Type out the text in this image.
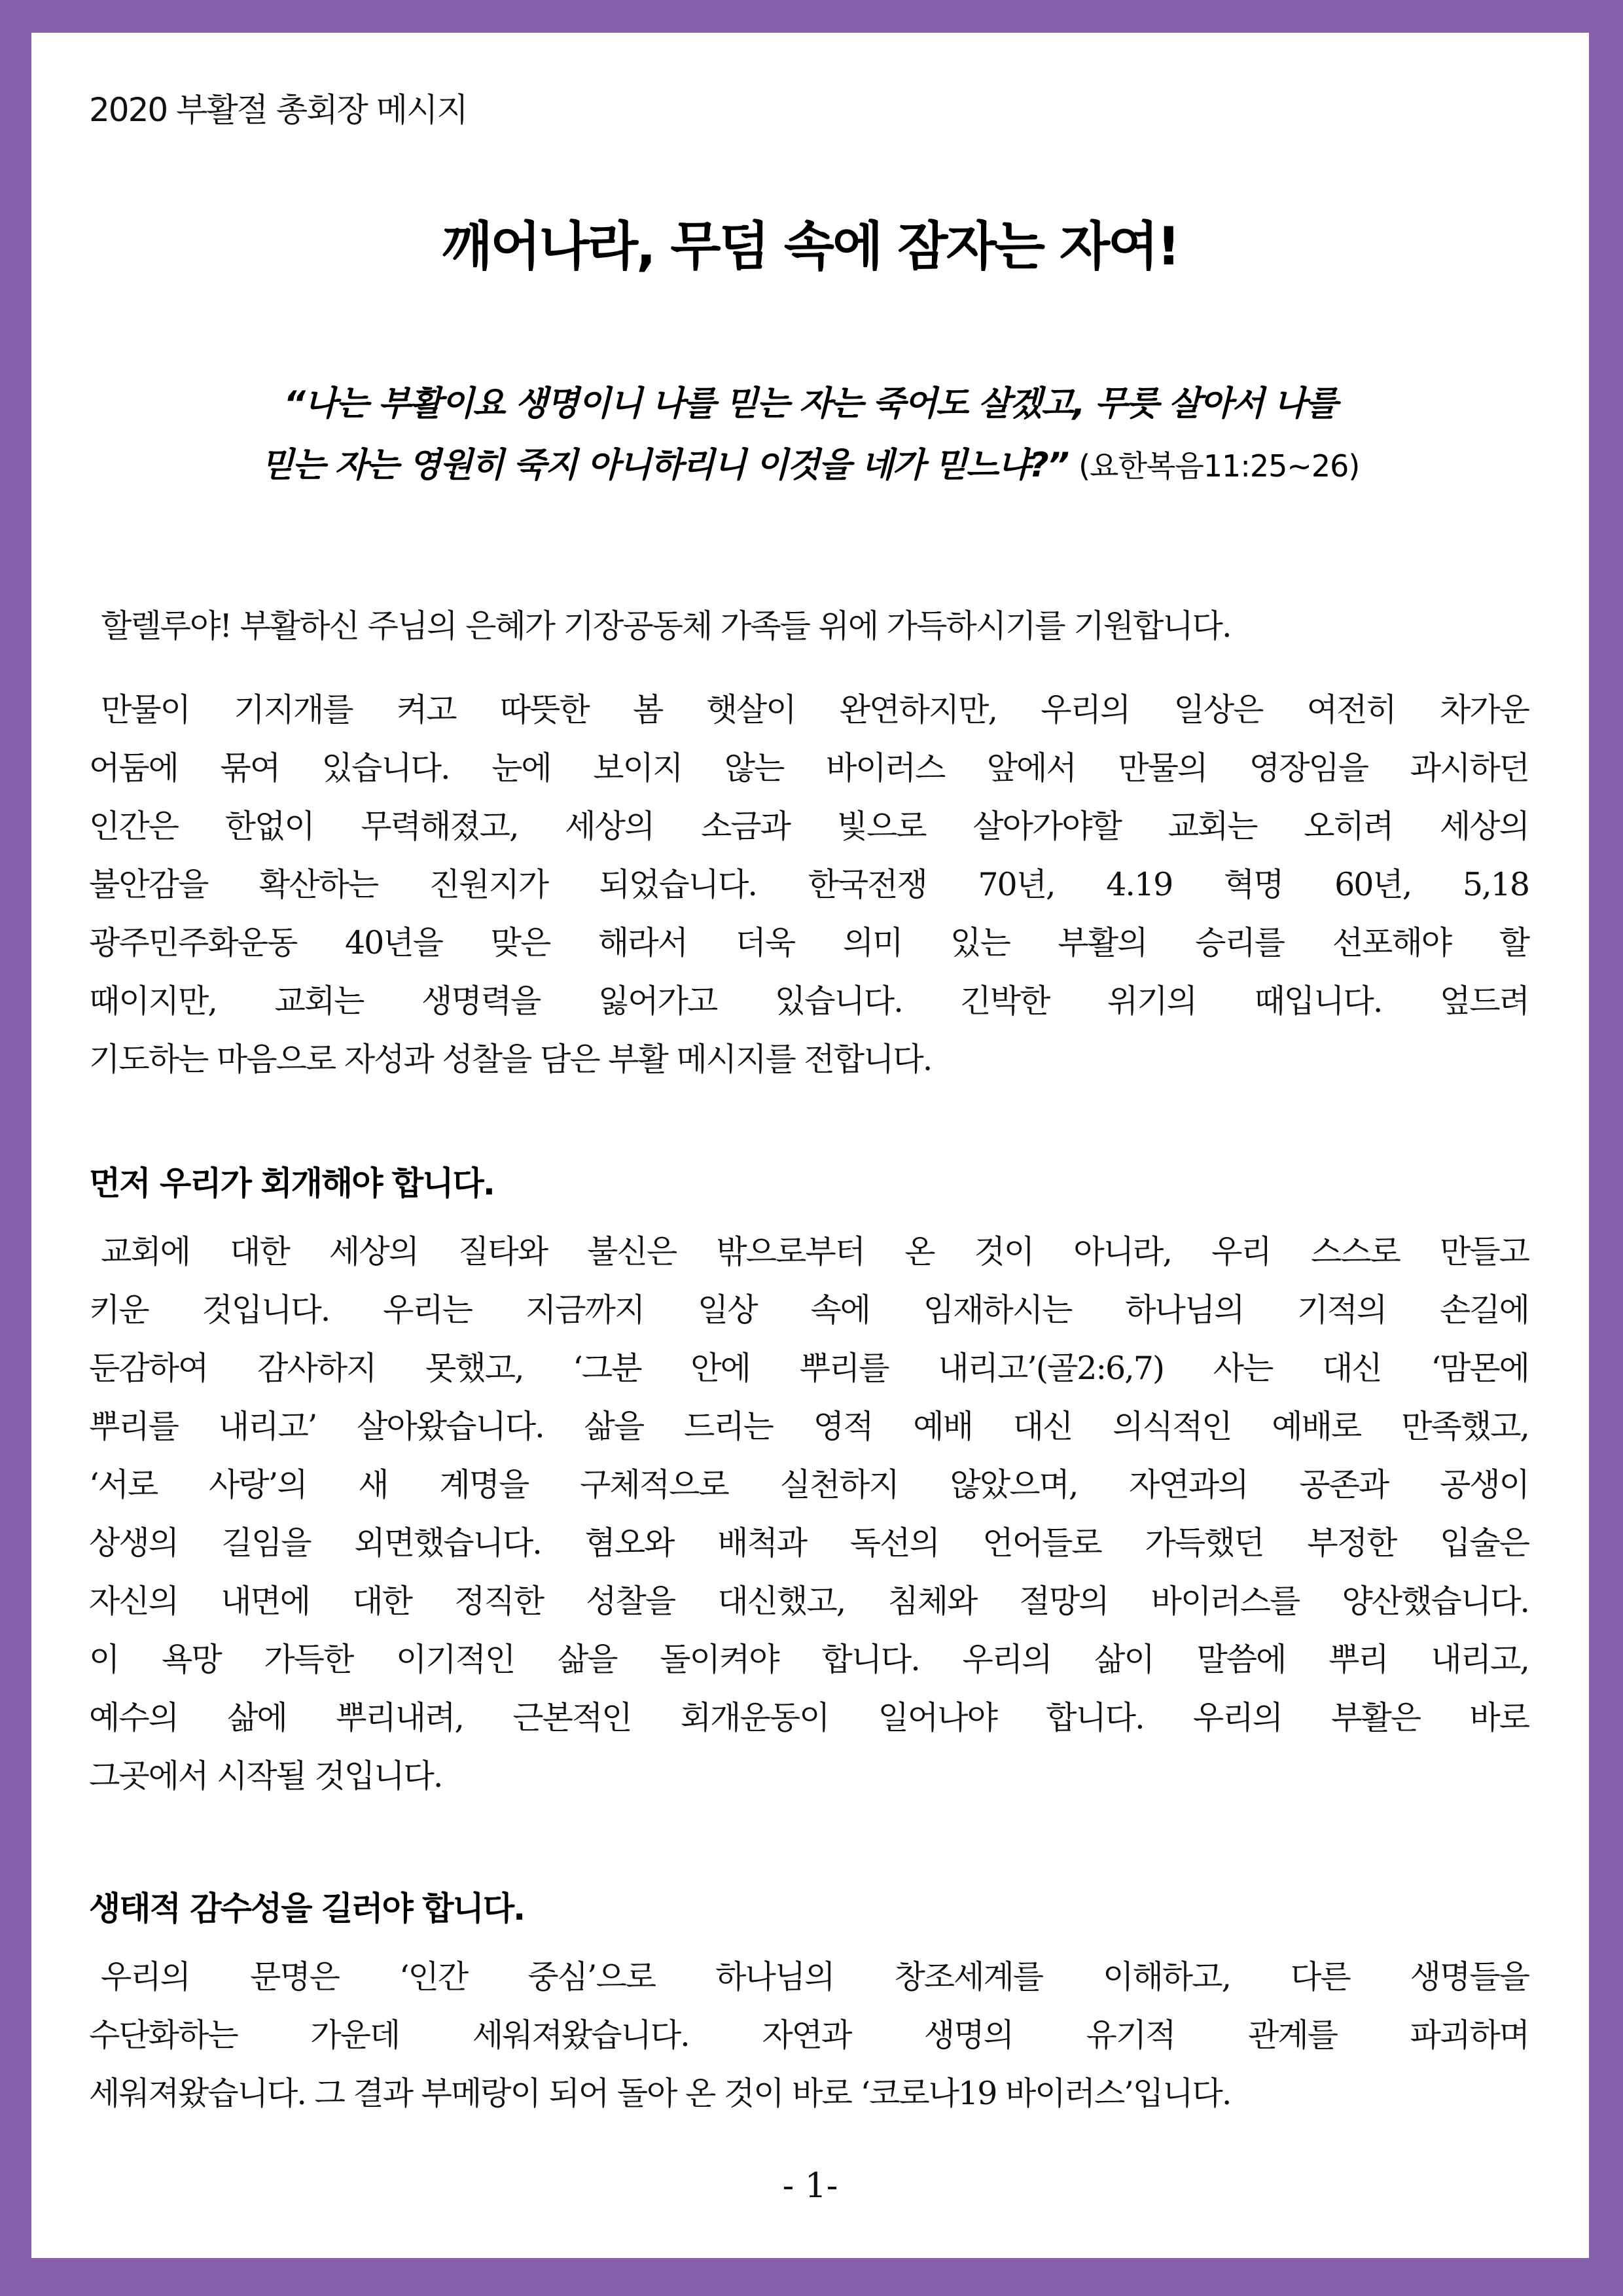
2020 부활절 총회장 메시지
깨어나라, 무덤 속에 잠자는 자여!
“나는 부활이요 생명이니 나를 믿는 자는 죽어도 살겠고, 무릇 살아서 나를
믿는 자는 영원히 죽지 아니하리니 이것을 네가 믿느냐?” (요한복음11:25~26)
할렐루야! 부활하신 주님의 은혜가 기장공동체 가족들 위에 가득하시기를 기원합니다.
만물이 기지개를 켜고 따뜻한 봄 햇살이 완연하지만, 우리의 일상은 여전히 차가운
어둠에 묶여 있습니다. 눈에 보이지 않는 바이러스 앞에서 만물의 영장임을 과시하던
인간은 한없이 무력해졌고, 세상의 소금과 빛으로 살아가야할 교회는 오히려 세상의
불안감을 확산하는 진원지가 되었습니다. 한국전쟁 70년, 4.19 혁명 60년, 5,18
광주민주화운동 40년을 맞은 해라서 더욱 의미 있는 부활의 승리를 선포해야 할
때이지만, 교회는 생명력을 잃어가고 있습니다. 긴박한 위기의 때입니다. 엎드려
기도하는 마음으로 자성과 성찰을 담은 부활 메시지를 전합니다.
먼저 우리가 회개해야 합니다.
교회에 대한 세상의 질타와 불신은 밖으로부터 온 것이 아니라, 우리 스스로 만들고
키운 것입니다. 우리는 지금까지 일상 속에 임재하시는 하나님의 기적의 손길에
둔감하여 감사하지 못했고, ‘그분 안에 뿌리를 내리고’(골2:6,7) 사는 대신 ‘맘몬에
뿌리를 내리고’ 살아왔습니다. 삶을 드리는 영적 예배 대신 의식적인 예배로 만족했고,
‘서로 사랑’의 새 계명을 구체적으로 실천하지 않았으며, 자연과의 공존과 공생이
상생의 길임을 외면했습니다. 혐오와 배척과 독선의 언어들로 가득했던 부정한 입술은
자신의 내면에 대한 정직한 성찰을 대신했고, 침체와 절망의 바이러스를 양산했습니다.
이 욕망 가득한 이기적인 삶을 돌이켜야 합니다. 우리의 삶이 말씀에 뿌리 내리고,
예수의 삶에 뿌리내려, 근본적인 회개운동이 일어나야 합니다. 우리의 부활은 바로
그곳에서 시작될 것입니다.
생태적 감수성을 길러야 합니다.
우리의 문명은 ‘인간 중심’으로 하나님의 창조세계를 이해하고, 다른 생명들을
수단화하는 가운데 세워져왔습니다. 자연과 생명의 유기적 관계를 파괴하며
세워져왔습니다. 그 결과 부메랑이 되어 돌아 온 것이 바로 ‘코로나19 바이러스’입니다.
- 1-
